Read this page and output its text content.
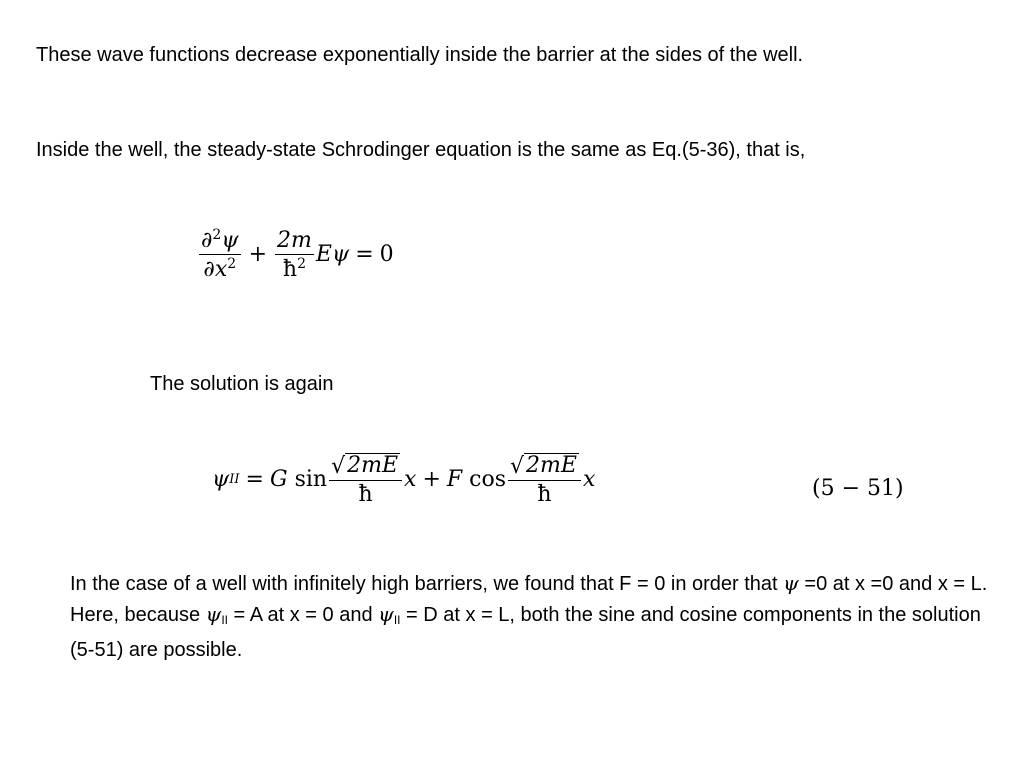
These wave functions decrease exponentially inside the barrier at the sides of the well.
Inside the well, the steady-state Schrodinger equation is the same as Eq.(5-36), that is,
$\frac{\partial^2\psi}{\partial x^2} + \frac{2m}{ħ^2}$ E ψ = 0
The solution is again
ψ II = G
$\sin \frac{√ 2mE}{ħ}$ x + F
$\cos \frac{√ 2mE}{ħ}$ x	(5 − 51)
In the case of a well with infinitely high barriers, we found that F = 0 in order that ψ =0 at x =0 and x = L. Here, because ψII = A at x = 0 and ψII = D at x = L, both the sine and cosine components in the solution (5-51) are possible.
